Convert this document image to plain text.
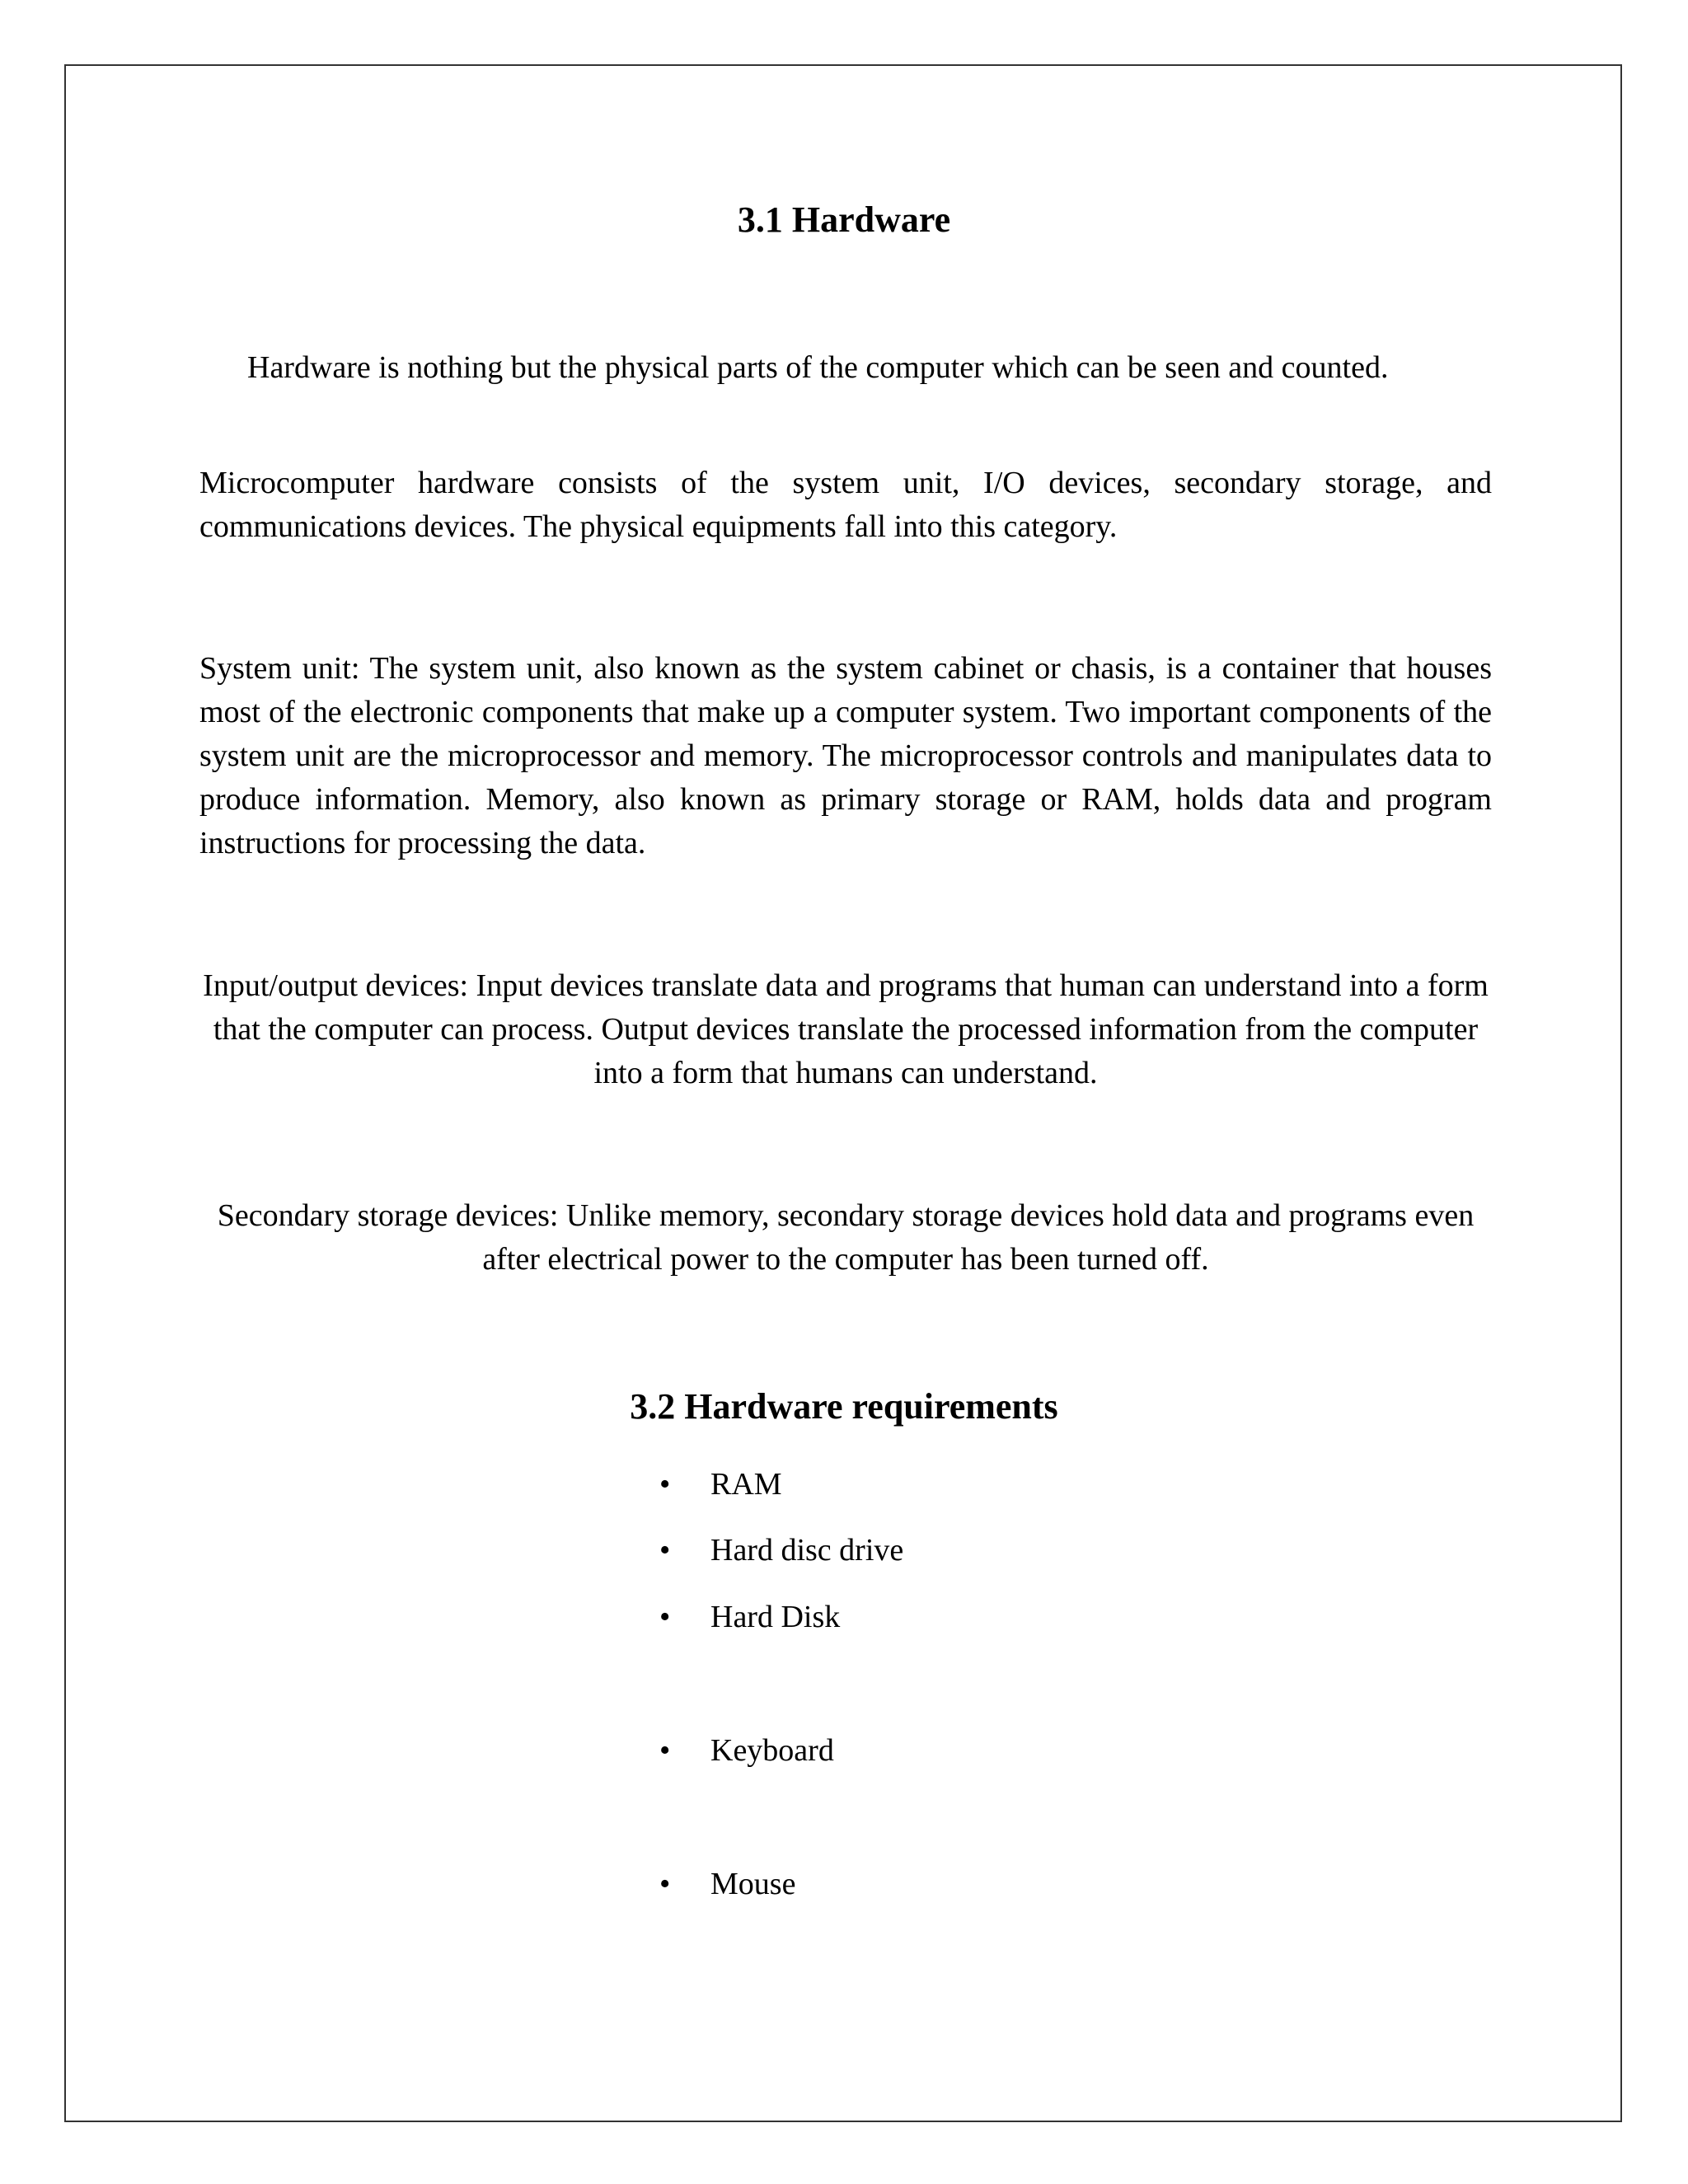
3.1 Hardware

Hardware is nothing but the physical parts of the computer which can be seen and counted.

Microcomputer hardware consists of the system unit, I/O devices, secondary storage, and communications devices. The physical equipments fall into this category.

System unit: The system unit, also known as the system cabinet or chasis, is a container that houses most of the electronic components that make up a computer system. Two important components of the system unit are the microprocessor and memory. The microprocessor controls and manipulates data to produce information. Memory, also known as primary storage or RAM, holds data and program instructions for processing the data.

Input/output devices: Input devices translate data and programs that human can understand into a form that the computer can process. Output devices translate the processed information from the computer into a form that humans can understand.

Secondary storage devices: Unlike memory, secondary storage devices hold data and programs even after electrical power to the computer has been turned off.

3.2 Hardware requirements
• RAM
• Hard disc drive
• Hard Disk
• Keyboard
• Mouse
